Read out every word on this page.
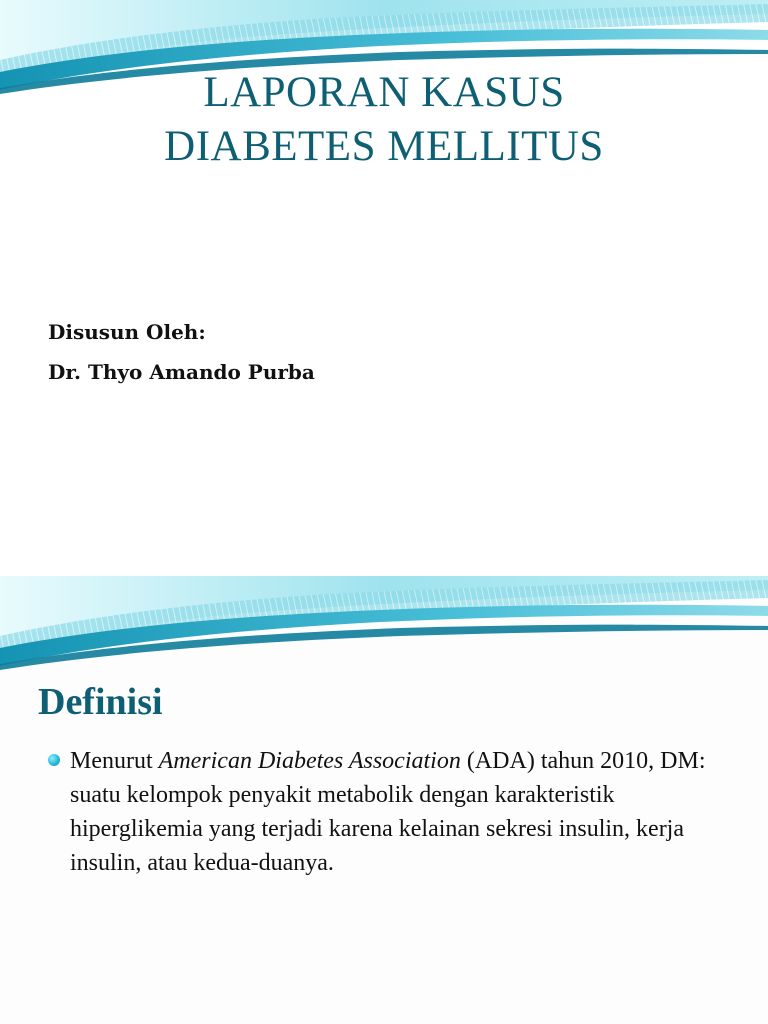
LAPORAN KASUS
DIABETES MELLITUS
Disusun Oleh:
Dr. Thyo Amando Purba
Definisi
Menurut American Diabetes Association (ADA) tahun 2010, DM: suatu kelompok penyakit metabolik dengan karakteristik hiperglikemia yang terjadi karena kelainan sekresi insulin, kerja insulin, atau kedua-duanya.
